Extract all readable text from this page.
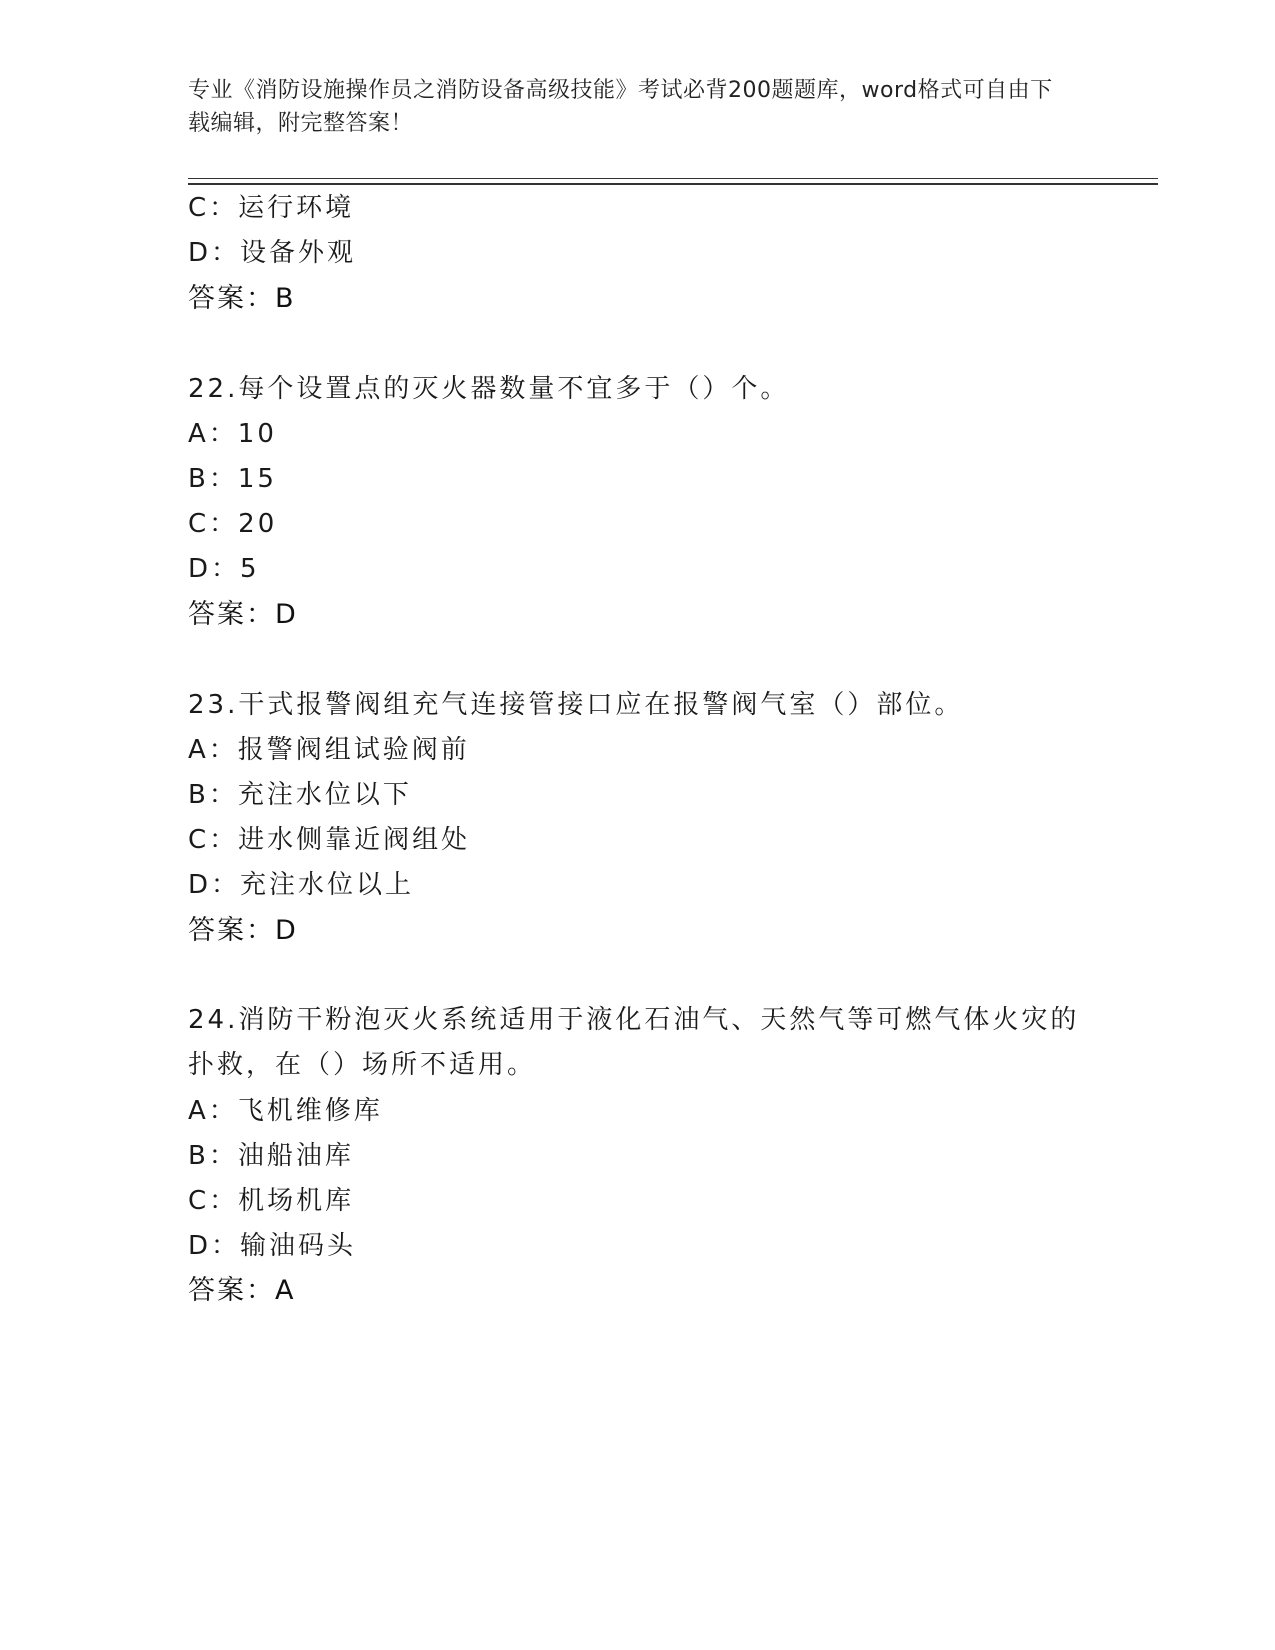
专业《消防设施操作员之消防设备高级技能》考试必背200题题库，word格式可自由下载编辑，附完整答案！
C：运行环境
D：设备外观
答案：B
22.每个设置点的灭火器数量不宜多于（）个。
A：10
B：15
C：20
D：5
答案：D
23.干式报警阀组充气连接管接口应在报警阀气室（）部位。
A：报警阀组试验阀前
B：充注水位以下
C：进水侧靠近阀组处
D：充注水位以上
答案：D
24.消防干粉泡灭火系统适用于液化石油气、天然气等可燃气体火灾的扑救，在（）场所不适用。
A：飞机维修库
B：油船油库
C：机场机库
D：输油码头
答案：A
